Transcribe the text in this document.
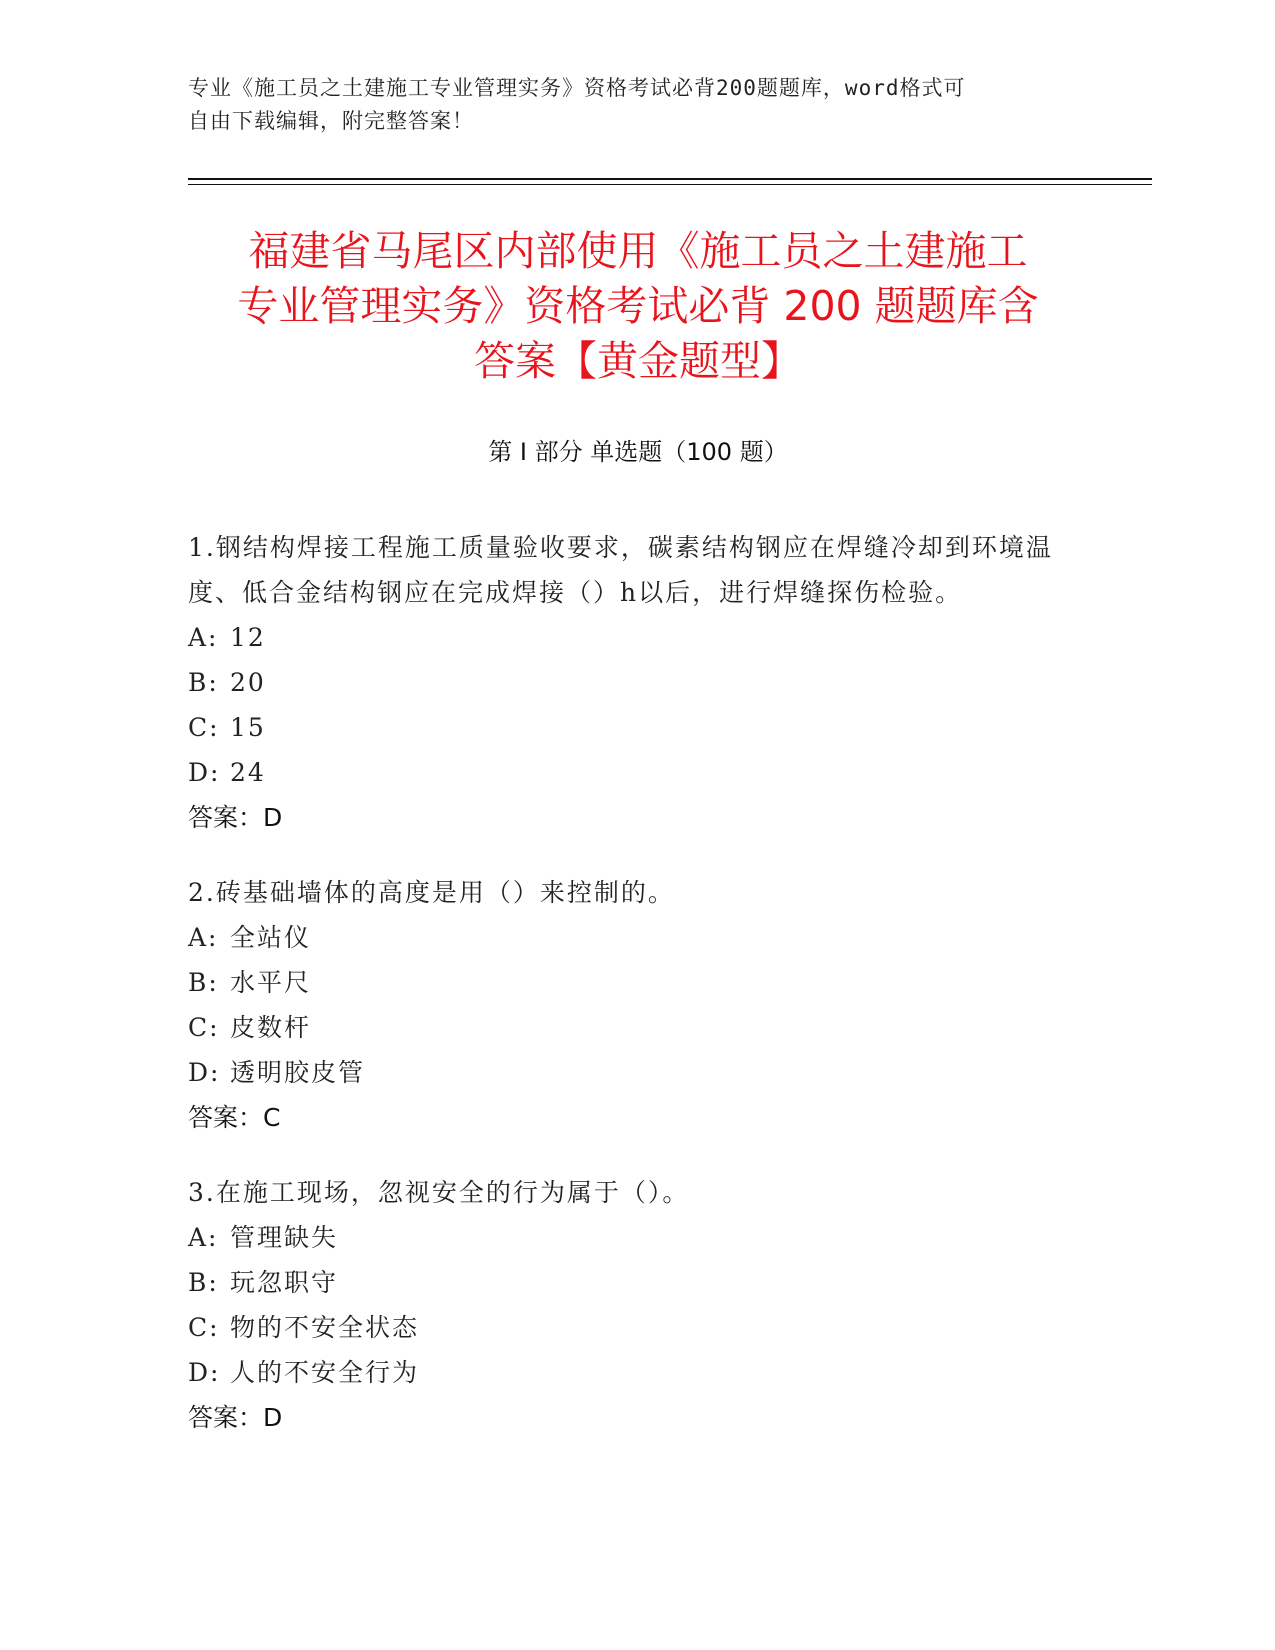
专业《施工员之土建施工专业管理实务》资格考试必背200题题库，word格式可
自由下载编辑，附完整答案！
福建省马尾区内部使用《施工员之土建施工
专业管理实务》资格考试必背 200 题题库含
答案【黄金题型】
第 I 部分 单选题（100 题）
1.钢结构焊接工程施工质量验收要求，碳素结构钢应在焊缝冷却到环境温度、低合金结构钢应在完成焊接（）h以后，进行焊缝探伤检验。
A: 12
B: 20
C: 15
D: 24
答案：D
2.砖基础墙体的高度是用（）来控制的。
A: 全站仪
B: 水平尺
C: 皮数杆
D: 透明胶皮管
答案：C
3.在施工现场，忽视安全的行为属于（）。
A: 管理缺失
B: 玩忽职守
C: 物的不安全状态
D: 人的不安全行为
答案：D
